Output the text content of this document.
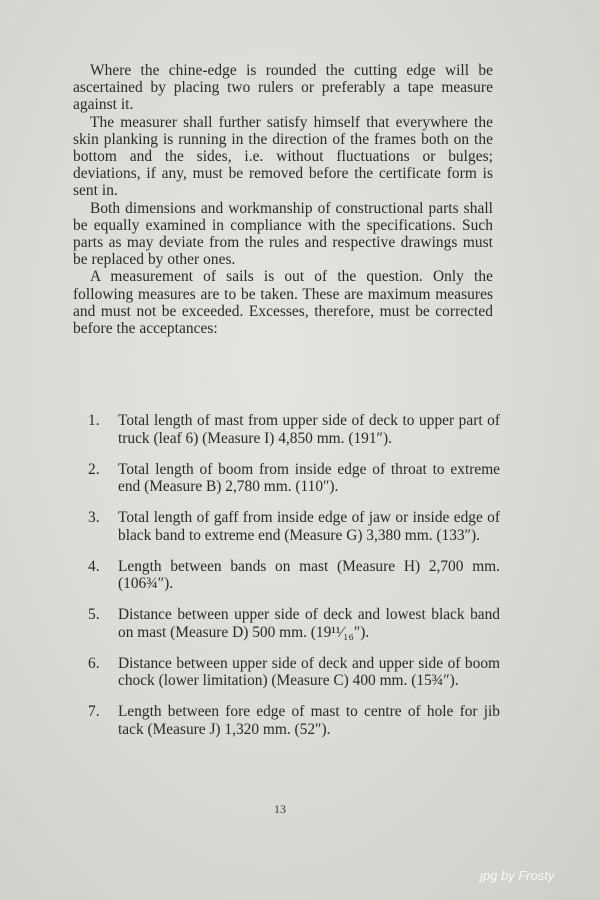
Where the chine-edge is rounded the cutting edge will be ascertained by placing two rulers or preferably a tape measure against it.

The measurer shall further satisfy himself that everywhere the skin planking is running in the direction of the frames both on the bottom and the sides, i.e. without fluctuations or bulges; deviations, if any, must be removed before the certificate form is sent in.

Both dimensions and workmanship of constructional parts shall be equally examined in compliance with the specifications. Such parts as may deviate from the rules and respective drawings must be replaced by other ones.

A measurement of sails is out of the question. Only the following measures are to be taken. These are maximum measures and must not be exceeded. Excesses, therefore, must be corrected before the acceptances:

1. Total length of mast from upper side of deck to upper part of truck (leaf 6) (Measure I) 4,850 mm. (191″).
2. Total length of boom from inside edge of throat to extreme end (Measure B) 2,780 mm. (110″).
3. Total length of gaff from inside edge of jaw or inside edge of black band to extreme end (Measure G) 3,380 mm. (133″).
4. Length between bands on mast (Measure H) 2,700 mm. (106¾″).
5. Distance between upper side of deck and lowest black band on mast (Measure D) 500 mm. (19¹¹⁄₁₆″).
6. Distance between upper side of deck and upper side of boom chock (lower limitation) (Measure C) 400 mm. (15¾″).
7. Length between fore edge of mast to centre of hole for jib tack (Measure J) 1,320 mm. (52″).
13
jpg by Frosty
